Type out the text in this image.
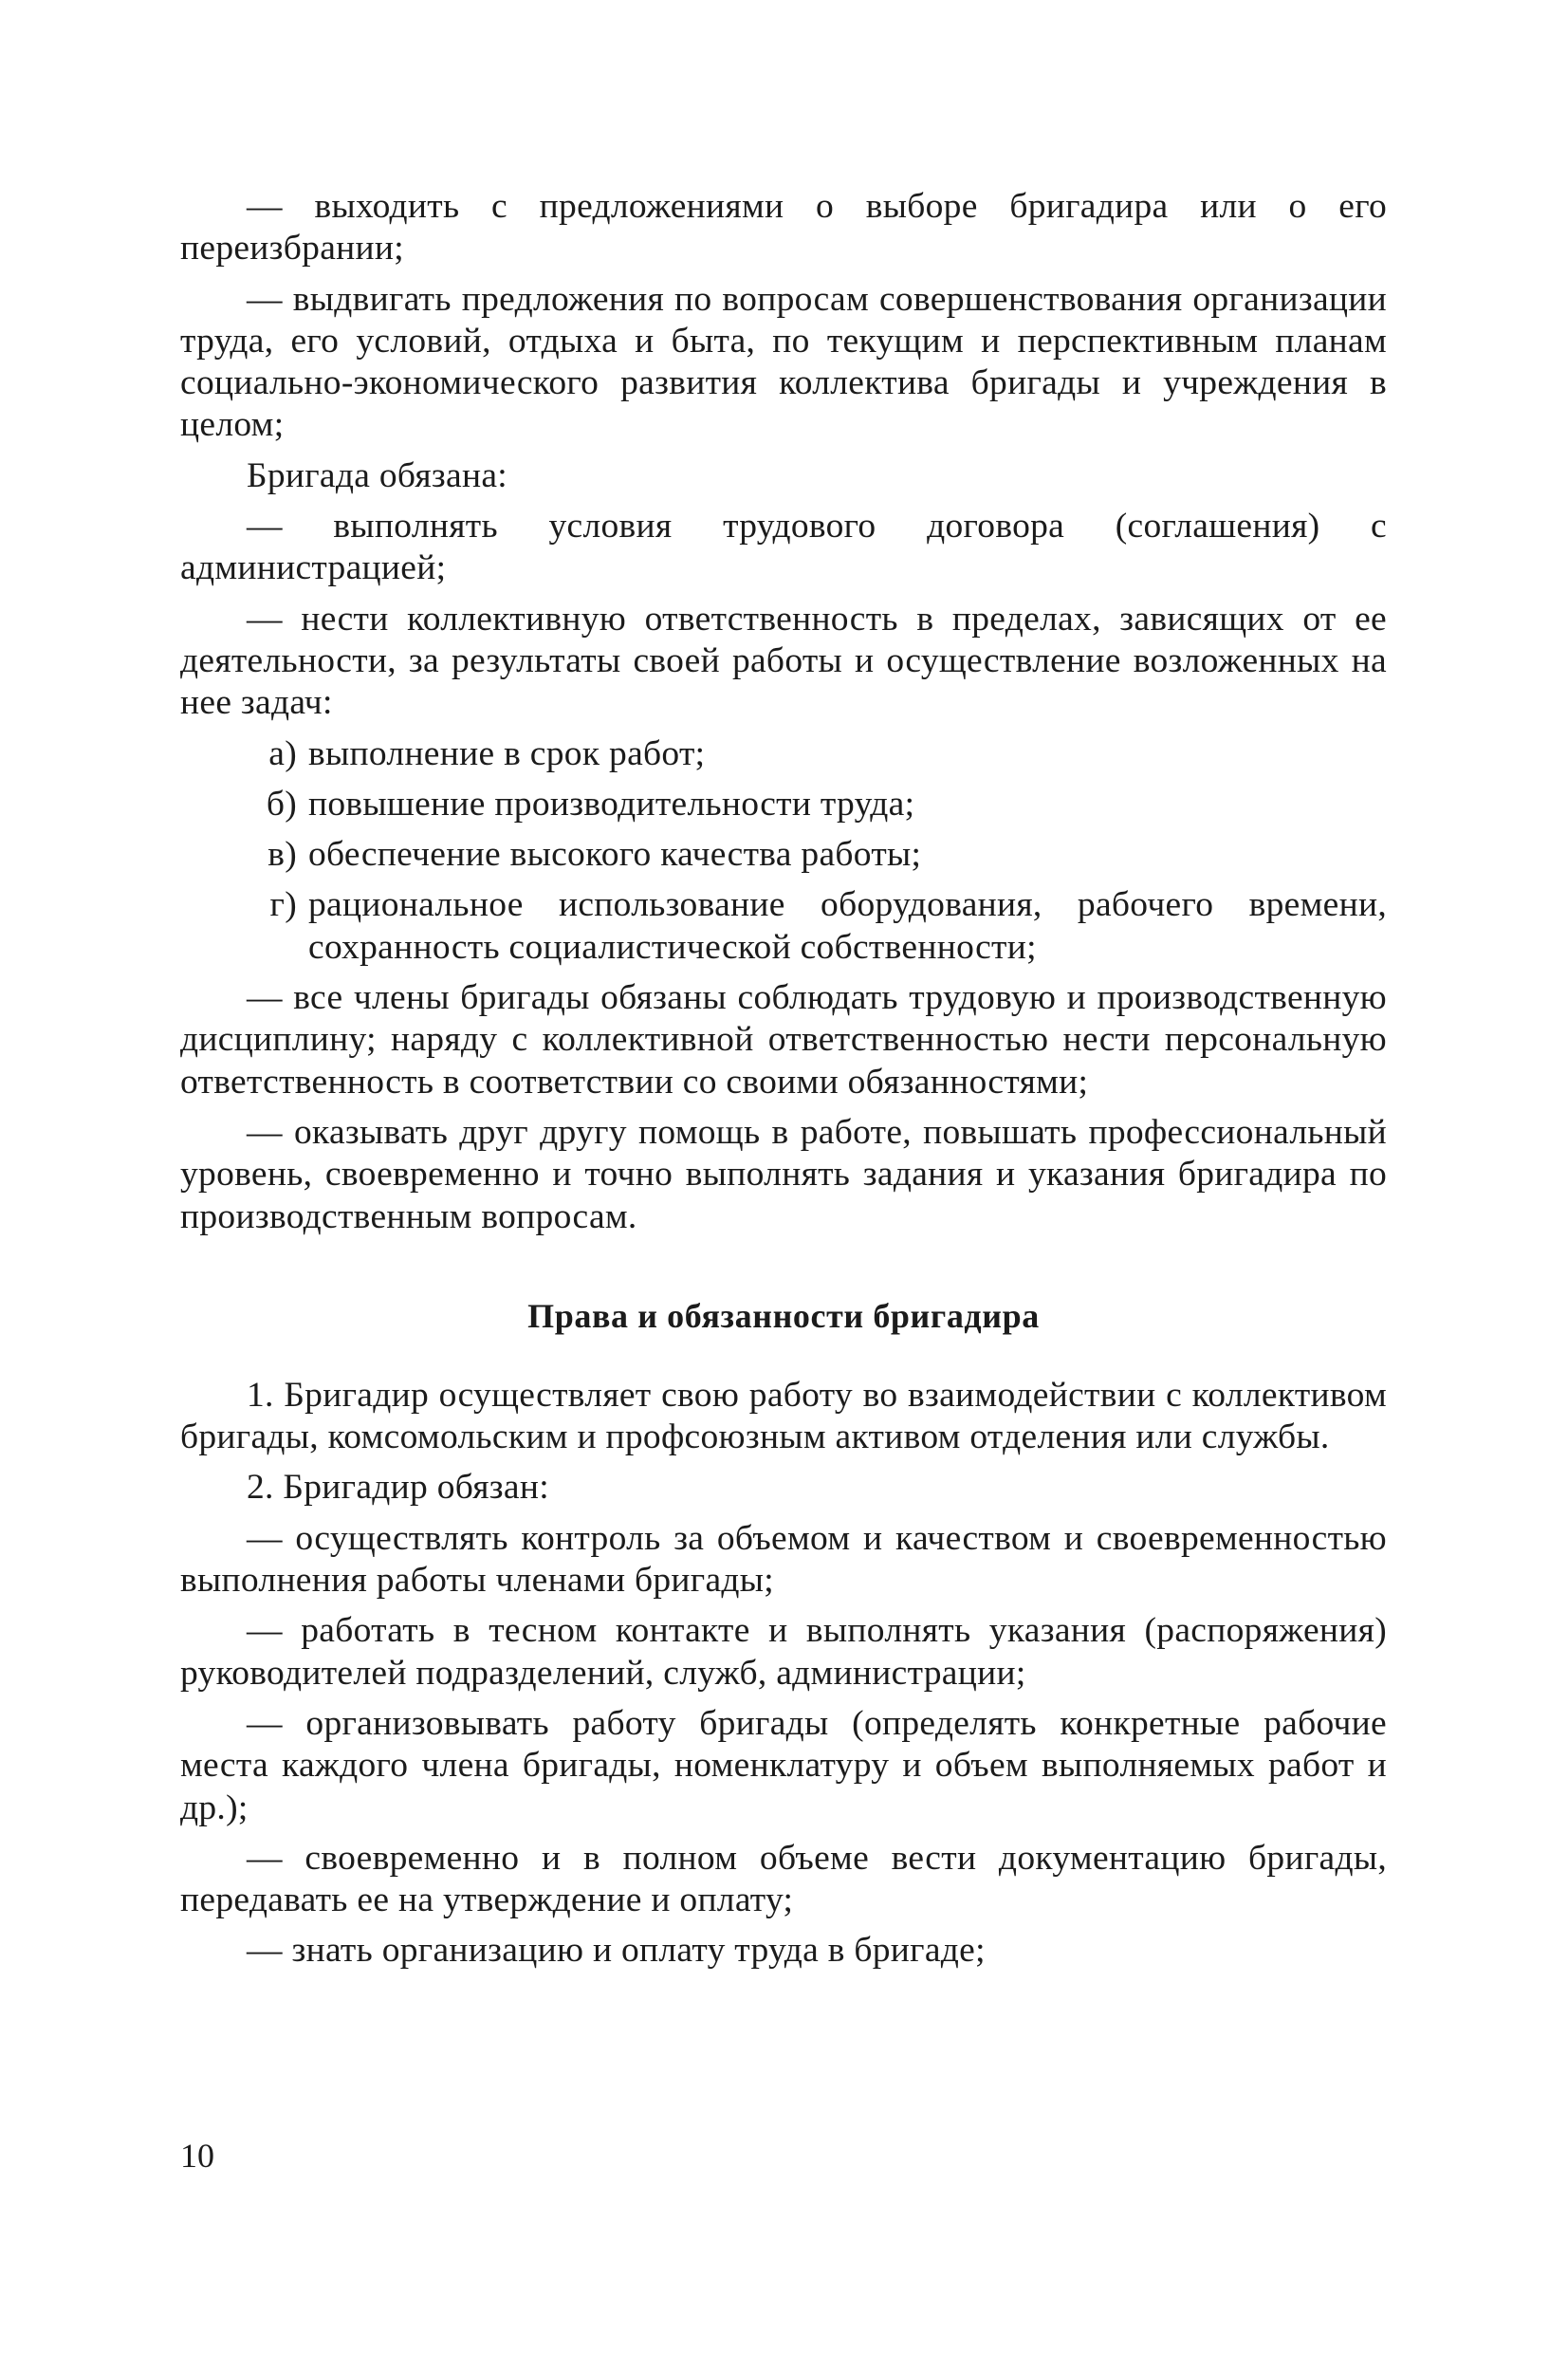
— выходить с предложениями о выборе бригадира или о его переизбрании;

— выдвигать предложения по вопросам совершенствования организации труда, его условий, отдыха и быта, по текущим и перспективным планам социально-экономического развития коллектива бригады и учреждения в целом;

Бригада обязана:

— выполнять условия трудового договора (соглашения) с администрацией;

— нести коллективную ответственность в пределах, зависящих от ее деятельности, за результаты своей работы и осуществление возложенных на нее задач:

а) выполнение в срок работ;
б) повышение производительности труда;
в) обеспечение высокого качества работы;
г) рациональное использование оборудования, рабочего времени, сохранность социалистической собственности;

— все члены бригады обязаны соблюдать трудовую и производственную дисциплину; наряду с коллективной ответственностью нести персональную ответственность в соответствии со своими обязанностями;

— оказывать друг другу помощь в работе, повышать профессиональный уровень, своевременно и точно выполнять задания и указания бригадира по производственным вопросам.

Права и обязанности бригадира

1. Бригадир осуществляет свою работу во взаимодействии с коллективом бригады, комсомольским и профсоюзным активом отделения или службы.

2. Бригадир обязан:

— осуществлять контроль за объемом и качеством и своевременностью выполнения работы членами бригады;

— работать в тесном контакте и выполнять указания (распоряжения) руководителей подразделений, служб, администрации;

— организовывать работу бригады (определять конкретные рабочие места каждого члена бригады, номенклатуру и объем выполняемых работ и др.);

— своевременно и в полном объеме вести документацию бригады, передавать ее на утверждение и оплату;

— знать организацию и оплату труда в бригаде;

10
